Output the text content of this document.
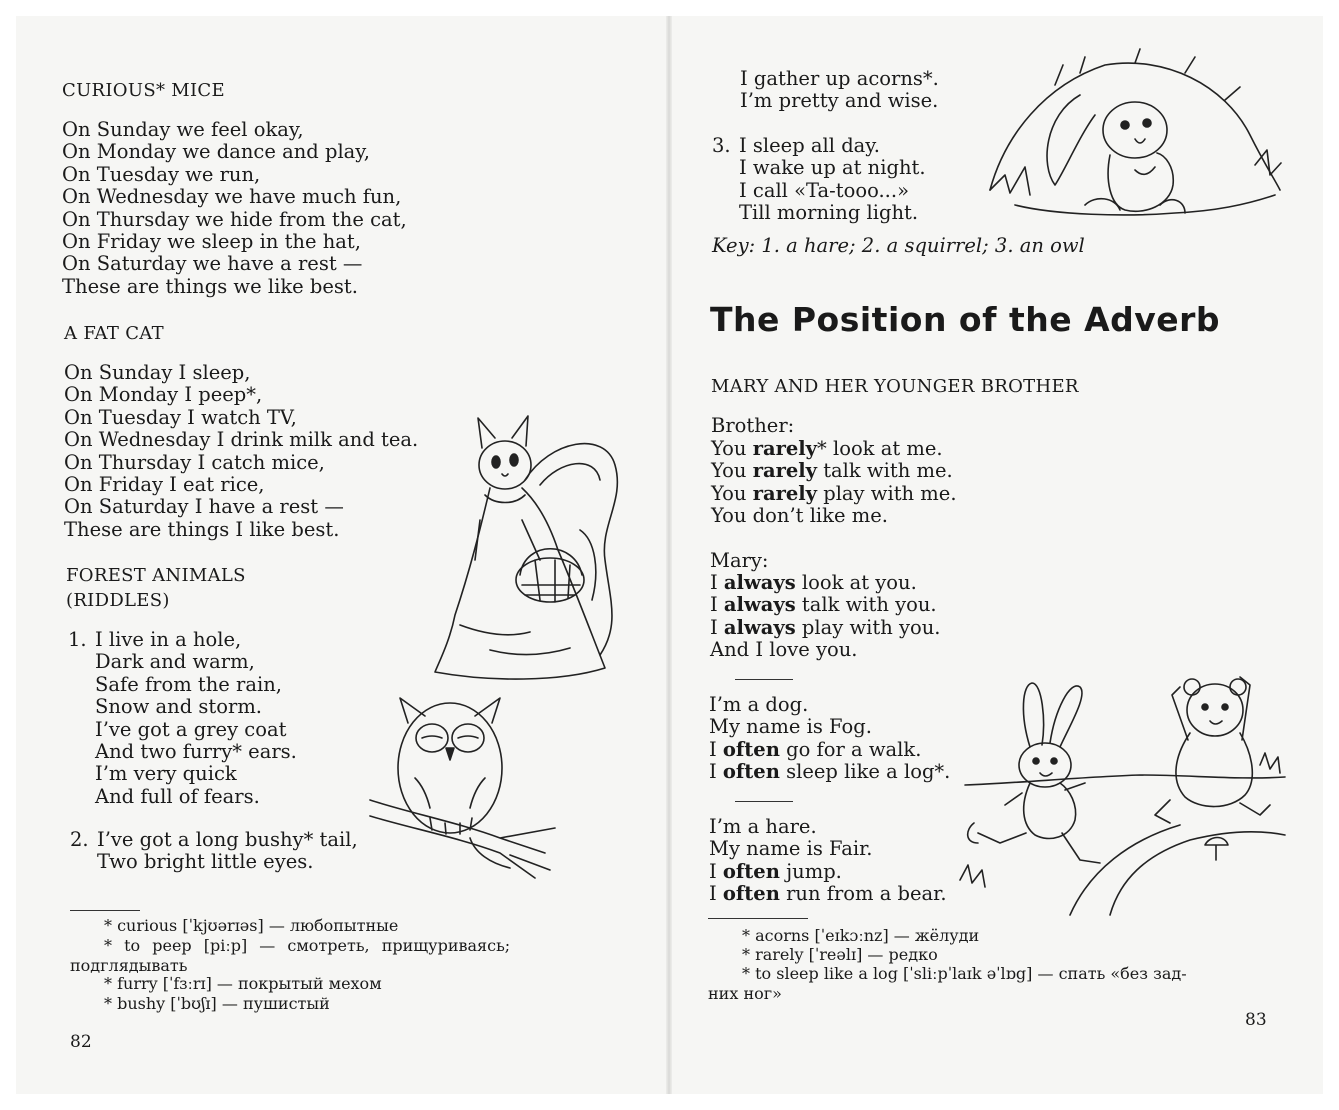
CURIOUS* MICE
On Sunday we feel okay,
On Monday we dance and play,
On Tuesday we run,
On Wednesday we have much fun,
On Thursday we hide from the cat,
On Friday we sleep in the hat,
On Saturday we have a rest —
These are things we like best.
A FAT CAT
On Sunday I sleep,
On Monday I peep*,
On Tuesday I watch TV,
On Wednesday I drink milk and tea.
On Thursday I catch mice,
On Friday I eat rice,
On Saturday I have a rest —
These are things I like best.
FOREST ANIMALS
(RIDDLES)
1. I live in a hole,
Dark and warm,
Safe from the rain,
Snow and storm.
I’ve got a grey coat
And two furry* ears.
I’m very quick
And full of fears.
2. I’ve got a long bushy* tail,
Two bright little eyes.
* curious [ˈkjʊərɪəs] — любопытные
* to peep [piːp] — смотреть, прищуриваясь;
подглядывать
* furry [ˈfɜːrɪ] — покрытый мехом
* bushy [ˈbʊʃɪ] — пушистый
82
I gather up acorns*.
I’m pretty and wise.
3. I sleep all day.
I wake up at night.
I call «Ta-tooo...»
Till morning light.
Key: 1. a hare; 2. a squirrel; 3. an owl
The Position of the Adverb
MARY AND HER YOUNGER BROTHER
Brother:
You rarely* look at me.
You rarely talk with me.
You rarely play with me.
You don’t like me.
Mary:
I always look at you.
I always talk with you.
I always play with you.
And I love you.
I’m a dog.
My name is Fog.
I often go for a walk.
I often sleep like a log*.
I’m a hare.
My name is Fair.
I often jump.
I often run from a bear.
* acorns [ˈeɪkɔːnz] — жёлуди
* rarely [ˈreəlɪ] — редко
* to sleep like a log [ˈsliːpˈlaɪk əˈlɒg] — спать «без зад-
них ног»
83
